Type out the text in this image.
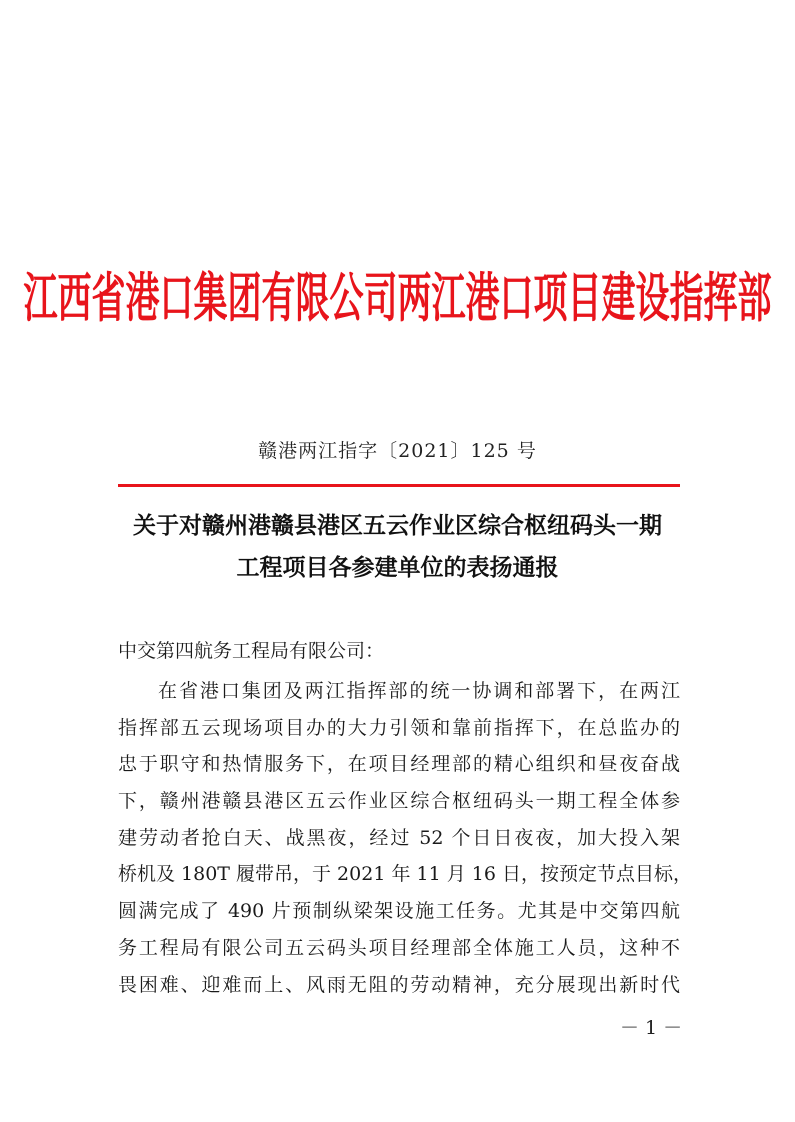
江西省港口集团有限公司两江港口项目建设指挥部
赣港两江指字〔2021〕125 号
关于对赣州港赣县港区五云作业区综合枢纽码头一期
工程项目各参建单位的表扬通报
中交第四航务工程局有限公司：
在省港口集团及两江指挥部的统一协调和部署下，在两江
指挥部五云现场项目办的大力引领和靠前指挥下，在总监办的
忠于职守和热情服务下，在项目经理部的精心组织和昼夜奋战
下，赣州港赣县港区五云作业区综合枢纽码头一期工程全体参
建劳动者抢白天、战黑夜，经过 52 个日日夜夜，加大投入架
桥机及 180T 履带吊，于 2021 年 11 月 16 日，按预定节点目标，
圆满完成了 490 片预制纵梁架设施工任务。尤其是中交第四航
务工程局有限公司五云码头项目经理部全体施工人员，这种不
畏困难、迎难而上、风雨无阻的劳动精神，充分展现出新时代
－ 1 －
